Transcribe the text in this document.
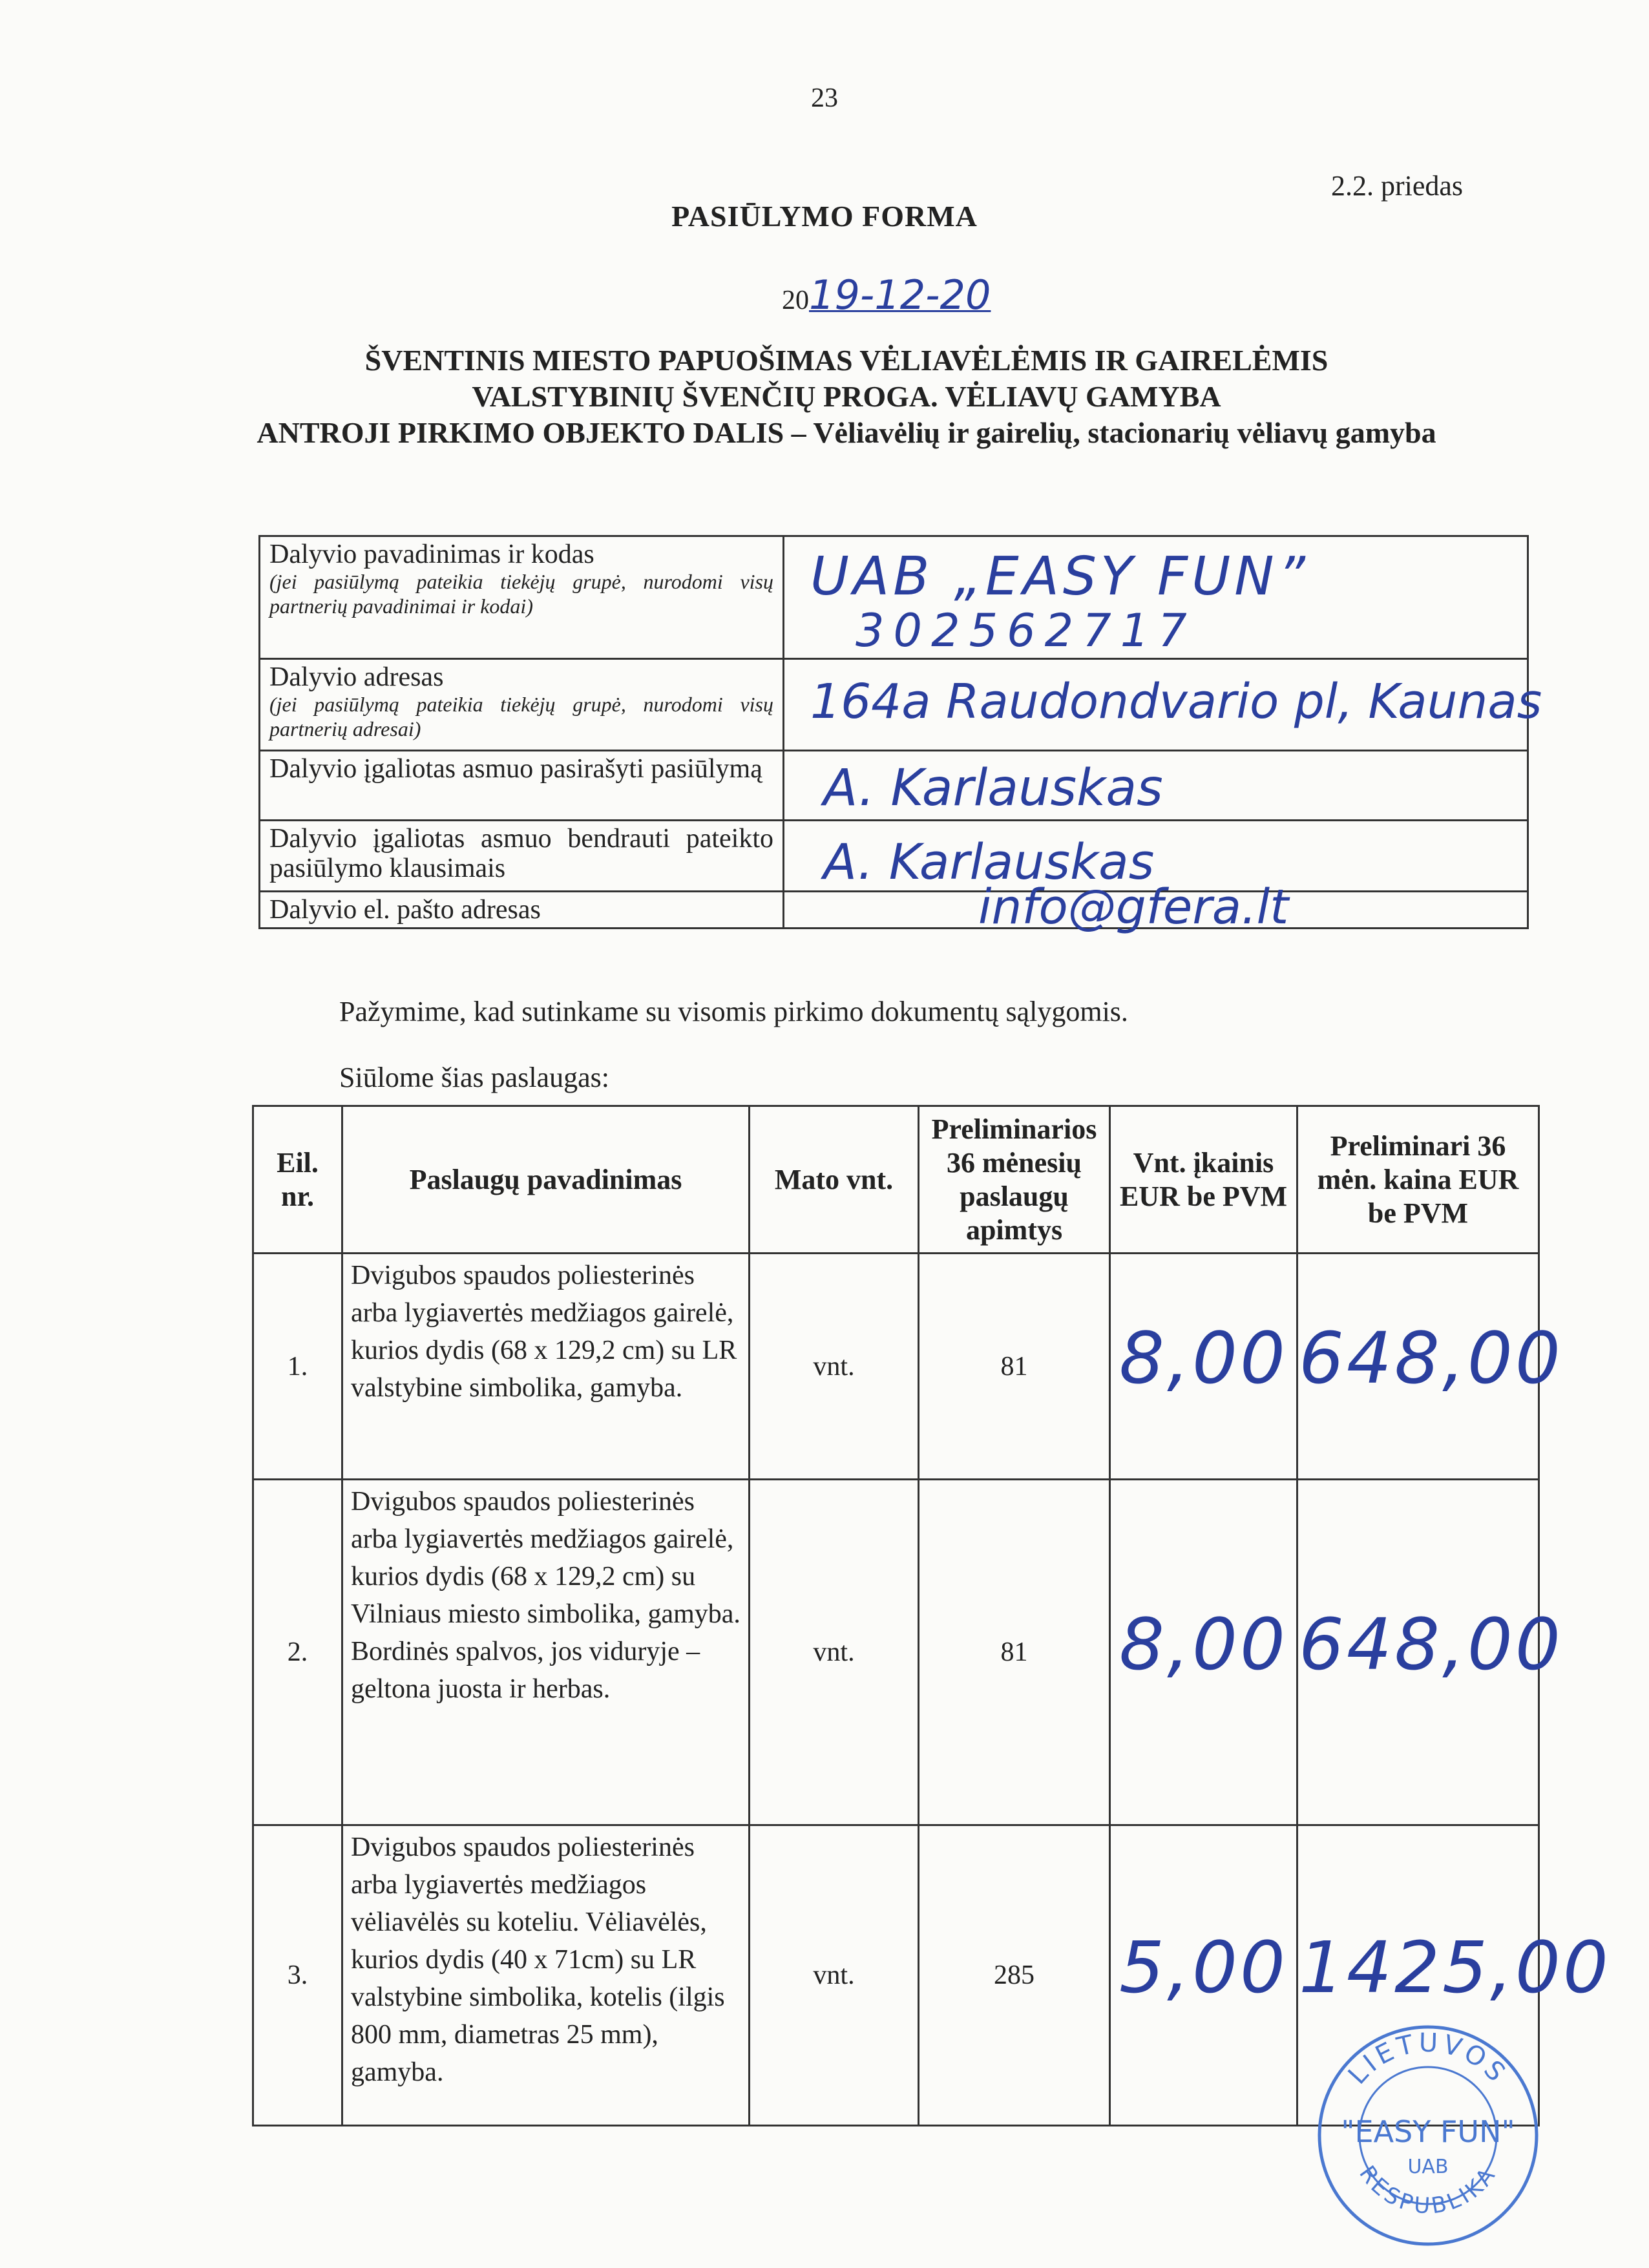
23
2.2. priedas
PASIŪLYMO FORMA
2019-12-20
ŠVENTINIS MIESTO PAPUOŠIMAS VĖLIAVĖLĖMIS IR GAIRELĖMIS
VALSTYBINIŲ ŠVENČIŲ PROGA. VĖLIAVŲ GAMYBA
ANTROJI PIRKIMO OBJEKTO DALIS – Vėliavėlių ir gairelių, stacionarių vėliavų gamyba
Dalyvio pavadinimas ir kodas
(jei pasiūlymą pateikia tiekėjų grupė, nurodomi visų partnerių pavadinimai ir kodai)	UAB „EASY FUN”
302562717

Dalyvio adresas
(jei pasiūlymą pateikia tiekėjų grupė, nurodomi visų partnerių adresai)	164a Raudondvario pl, Kaunas

Dalyvio įgaliotas asmuo pasirašyti pasiūlymą	A. Karlauskas

Dalyvio įgaliotas asmuo bendrauti pateikto pasiūlymo klausimais	A. Karlauskas

Dalyvio el. pašto adresas	info@gfera.lt
Pažymime, kad sutinkame su visomis pirkimo dokumentų sąlygomis.
Siūlome šias paslaugas:
Eil. nr.	Paslaugų pavadinimas	Mato vnt.	Preliminarios 36 mėnesių paslaugų apimtys	Vnt. įkainis EUR be PVM	Preliminari 36 mėn. kaina EUR be PVM
1.	Dvigubos spaudos poliesterinės arba lygiavertės medžiagos gairelė, kurios dydis (68 x 129,2 cm) su LR valstybine simbolika, gamyba.	vnt.	81	8,00	648,00
2.	Dvigubos spaudos poliesterinės arba lygiavertės medžiagos gairelė, kurios dydis (68 x 129,2 cm) su Vilniaus miesto simbolika, gamyba. Bordinės spalvos, jos viduryje – geltona juosta ir herbas.	vnt.	81	8,00	648,00
3.	Dvigubos spaudos poliesterinės arba lygiavertės medžiagos vėliavėlės su koteliu. Vėliavėlės, kurios dydis (40 x 71cm) su LR valstybine simbolika, kotelis (ilgis 800 mm, diametras 25 mm), gamyba.	vnt.	285	5,00	1425,00
LIETUVOS
"EASY FUN"
UAB
RESPUBLIKA
